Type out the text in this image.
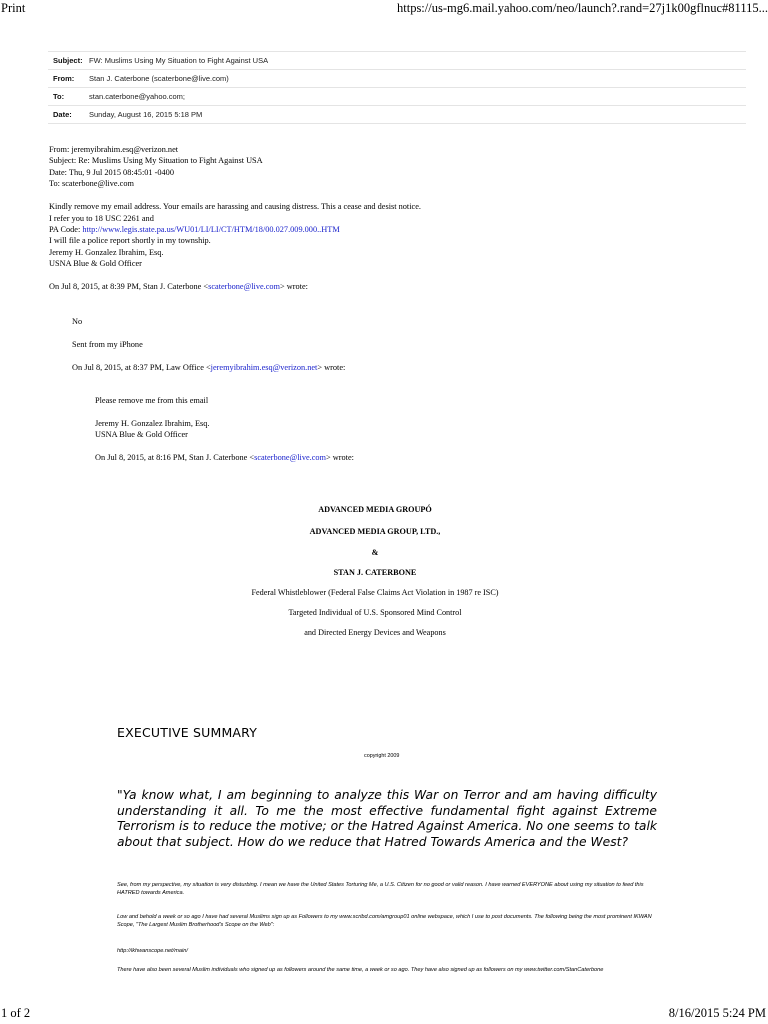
Print	https://us-mg6.mail.yahoo.com/neo/launch?.rand=27j1k00gflnuc#81115...
Subject: FW: Muslims Using My Situation to Fight Against USA
From:	Stan J. Caterbone (scaterbone@live.com)
To:	stan.caterbone@yahoo.com;
Date:	Sunday, August 16, 2015 5:18 PM

From: jeremyibrahim.esq@verizon.net

Subject: Re: Muslims Using My Situation to Fight Against USA

Date: Thu, 9 Jul 2015 08:45:01 -0400

To: scaterbone@live.com

Kindly remove my email address. Your emails are harassing and causing distress. This a cease and desist notice.

I refer you to 18 USC 2261 and

PA Code: http://www.legis.state.pa.us/WU01/LI/LI/CT/HTM/18/00.027.009.000..HTM

I will file a police report shortly in my township.

Jeremy H. Gonzalez Ibrahim, Esq.

USNA Blue & Gold Officer

On Jul 8, 2015, at 8:39 PM, Stan J. Caterbone <scaterbone@live.com> wrote:

No

Sent from my iPhone

On Jul 8, 2015, at 8:37 PM, Law Office <jeremyibrahim.esq@verizon.net> wrote:

Please remove me from this email

Jeremy H. Gonzalez Ibrahim, Esq.

USNA Blue & Gold Officer

On Jul 8, 2015, at 8:16 PM, Stan J. Caterbone <scaterbone@live.com> wrote:

ADVANCED MEDIA GROUPÓ
ADVANCED MEDIA GROUP, LTD.,
&
STAN J. CATERBONE
Federal Whistleblower (Federal False Claims Act Violation in 1987 re ISC)
Targeted Individual of U.S. Sponsored Mind Control
and Directed Energy Devices and Weapons
EXECUTIVE SUMMARY
copyright 2009
"Ya know what, I am beginning to analyze this War on Terror and am having difficulty understanding it all. To me the most effective fundamental fight against Extreme Terrorism is to reduce the motive; or the Hatred Against America. No one seems to talk about that subject. How do we reduce that Hatred Towards America and the West?
See, from my perspective, my situation is very disturbing. I mean we have the United States Torturing Me, a U.S. Citizen for no good or valid reason. I have warned EVERYONE about using my situation to feed this HATRED towards America.
Low and behold a week or so ago I have had several Muslims sign up as Followers to my www.scribd.com/amgroup01 online webspace, which I use to post documents. The following being the most prominent IKWAN Scope, "The Largest Muslim Brotherhood's Scope on the Web":
http://ikhwanscope.net/main/
There have also been several Muslim individuals who signed up as followers around the same time, a week or so ago. They have also signed up as followers on my www.twitter.com/StanCaterbone
1 of 2	8/16/2015 5:24 PM
